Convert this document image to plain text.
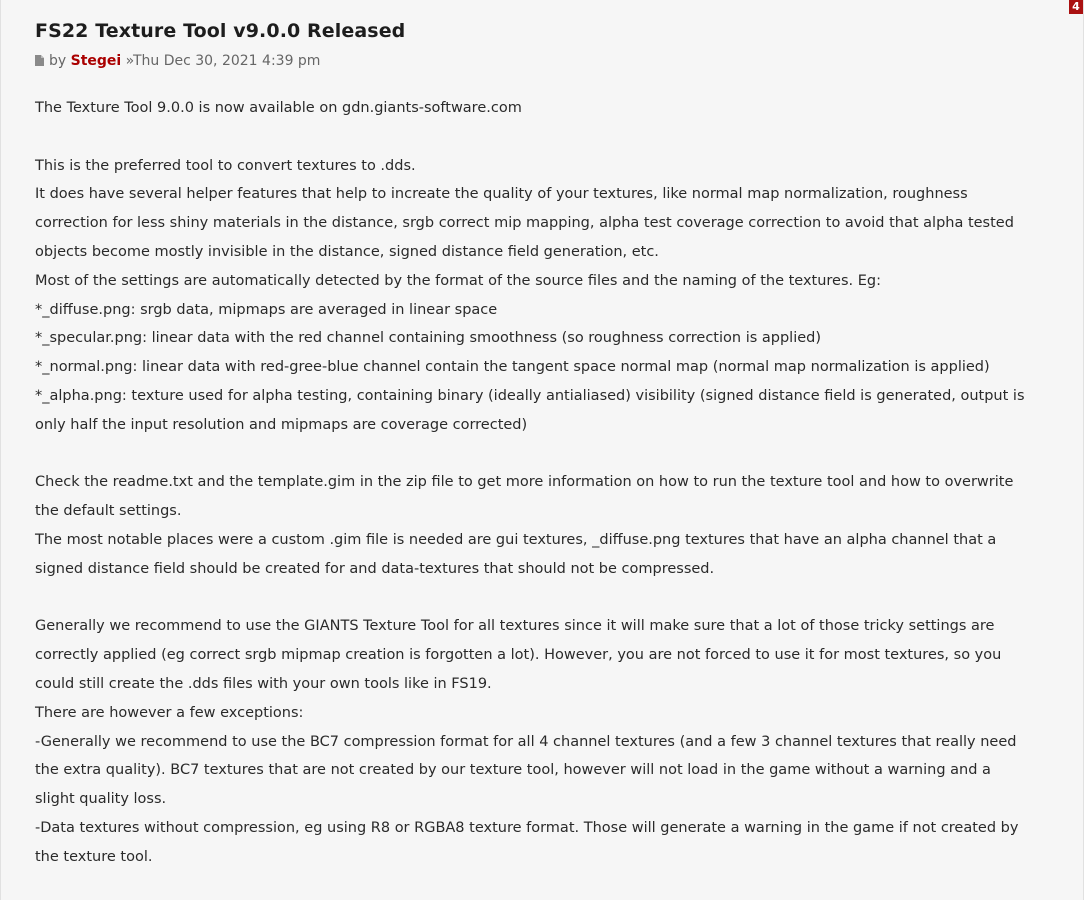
4
FS22 Texture Tool v9.0.0 Released
by Stegei »Thu Dec 30, 2021 4:39 pm

The Texture Tool 9.0.0 is now available on gdn.giants-software.com

This is the preferred tool to convert textures to .dds.

It does have several helper features that help to increate the quality of your textures, like normal map normalization, roughness

correction for less shiny materials in the distance, srgb correct mip mapping, alpha test coverage correction to avoid that alpha tested

objects become mostly invisible in the distance, signed distance field generation, etc.

Most of the settings are automatically detected by the format of the source files and the naming of the textures. Eg:

*_diffuse.png: srgb data, mipmaps are averaged in linear space

*_specular.png: linear data with the red channel containing smoothness (so roughness correction is applied)

*_normal.png: linear data with red-gree-blue channel contain the tangent space normal map (normal map normalization is applied)

*_alpha.png: texture used for alpha testing, containing binary (ideally antialiased) visibility (signed distance field is generated, output is

only half the input resolution and mipmaps are coverage corrected)

Check the readme.txt and the template.gim in the zip file to get more information on how to run the texture tool and how to overwrite

the default settings.

The most notable places were a custom .gim file is needed are gui textures, _diffuse.png textures that have an alpha channel that a

signed distance field should be created for and data-textures that should not be compressed.

Generally we recommend to use the GIANTS Texture Tool for all textures since it will make sure that a lot of those tricky settings are

correctly applied (eg correct srgb mipmap creation is forgotten a lot). However, you are not forced to use it for most textures, so you

could still create the .dds files with your own tools like in FS19.

There are however a few exceptions:

-Generally we recommend to use the BC7 compression format for all 4 channel textures (and a few 3 channel textures that really need

the extra quality). BC7 textures that are not created by our texture tool, however will not load in the game without a warning and a

slight quality loss.

-Data textures without compression, eg using R8 or RGBA8 texture format. Those will generate a warning in the game if not created by

the texture tool.
